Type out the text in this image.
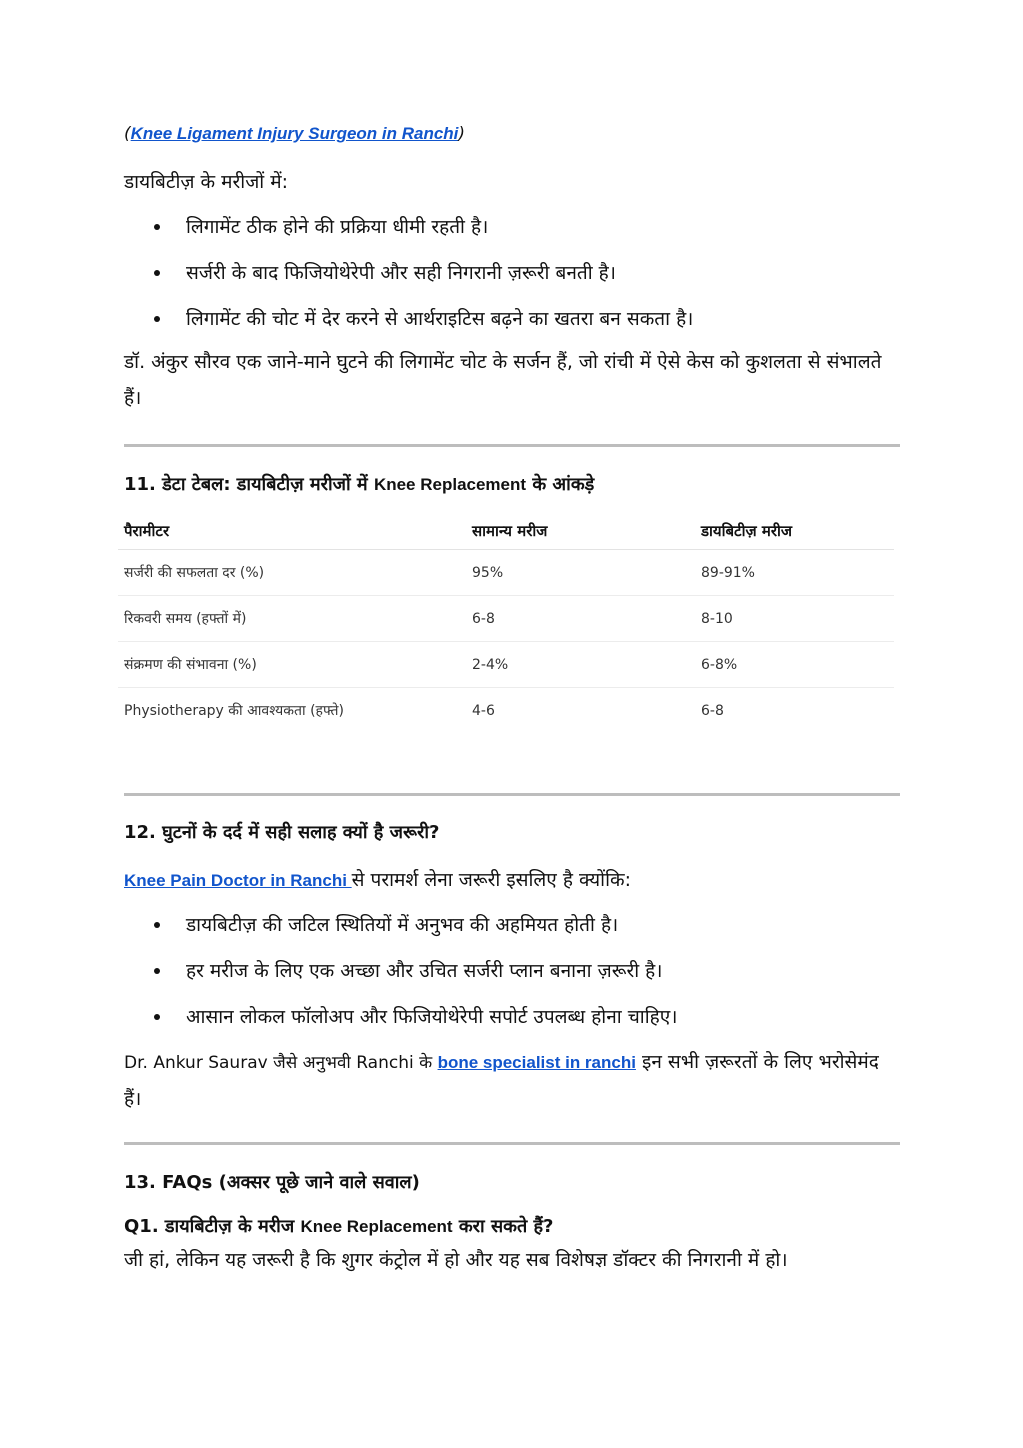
(Knee Ligament Injury Surgeon in Ranchi)
डायबिटीज़ के मरीजों में:
लिगामेंट ठीक होने की प्रक्रिया धीमी रहती है।
सर्जरी के बाद फिजियोथेरेपी और सही निगरानी ज़रूरी बनती है।
लिगामेंट की चोट में देर करने से आर्थराइटिस बढ़ने का खतरा बन सकता है।
डॉ. अंकुर सौरव एक जाने-माने घुटने की लिगामेंट चोट के सर्जन हैं, जो रांची में ऐसे केस को कुशलता से संभालते हैं।
11. डेटा टेबल: डायबिटीज़ मरीजों में Knee Replacement के आंकड़े
पैरामीटर	सामान्य मरीज	डायबिटीज़ मरीज
सर्जरी की सफलता दर (%)	95%	89-91%
रिकवरी समय (हफ्तों में)	6-8	8-10
संक्रमण की संभावना (%)	2-4%	6-8%
Physiotherapy की आवश्यकता (हफ्ते)	4-6	6-8
12. घुटनों के दर्द में सही सलाह क्यों है जरूरी?
Knee Pain Doctor in Ranchi से परामर्श लेना जरूरी इसलिए है क्योंकि:
डायबिटीज़ की जटिल स्थितियों में अनुभव की अहमियत होती है।
हर मरीज के लिए एक अच्छा और उचित सर्जरी प्लान बनाना ज़रूरी है।
आसान लोकल फॉलोअप और फिजियोथेरेपी सपोर्ट उपलब्ध होना चाहिए।
Dr. Ankur Saurav जैसे अनुभवी Ranchi के bone specialist in ranchi इन सभी ज़रूरतों के लिए भरोसेमंद हैं।
13. FAQs (अक्सर पूछे जाने वाले सवाल)
Q1. डायबिटीज़ के मरीज Knee Replacement करा सकते हैं?
जी हां, लेकिन यह जरूरी है कि शुगर कंट्रोल में हो और यह सब विशेषज्ञ डॉक्टर की निगरानी में हो।
